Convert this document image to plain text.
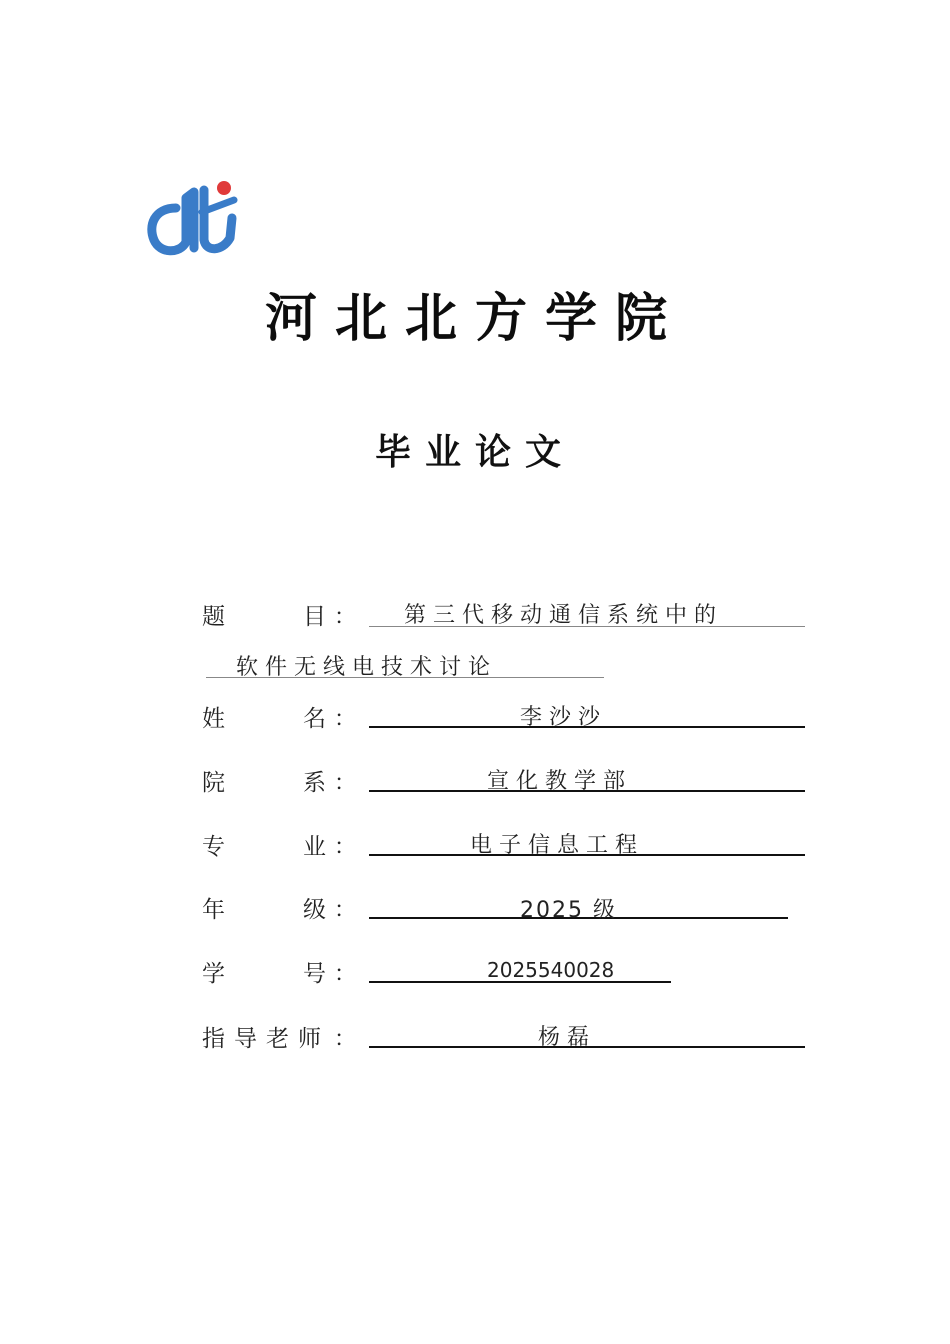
河北北方学院
毕业论文
题	目 ： 第三代移动通信系统中的
软件无线电技术讨论
姓	名 ：	李沙沙
院	系 ：	宣化教学部
专	业 ：	电子信息工程
年	级 ：	2025 级
学	号 ：	2025540028
指导老师 ：	杨磊
